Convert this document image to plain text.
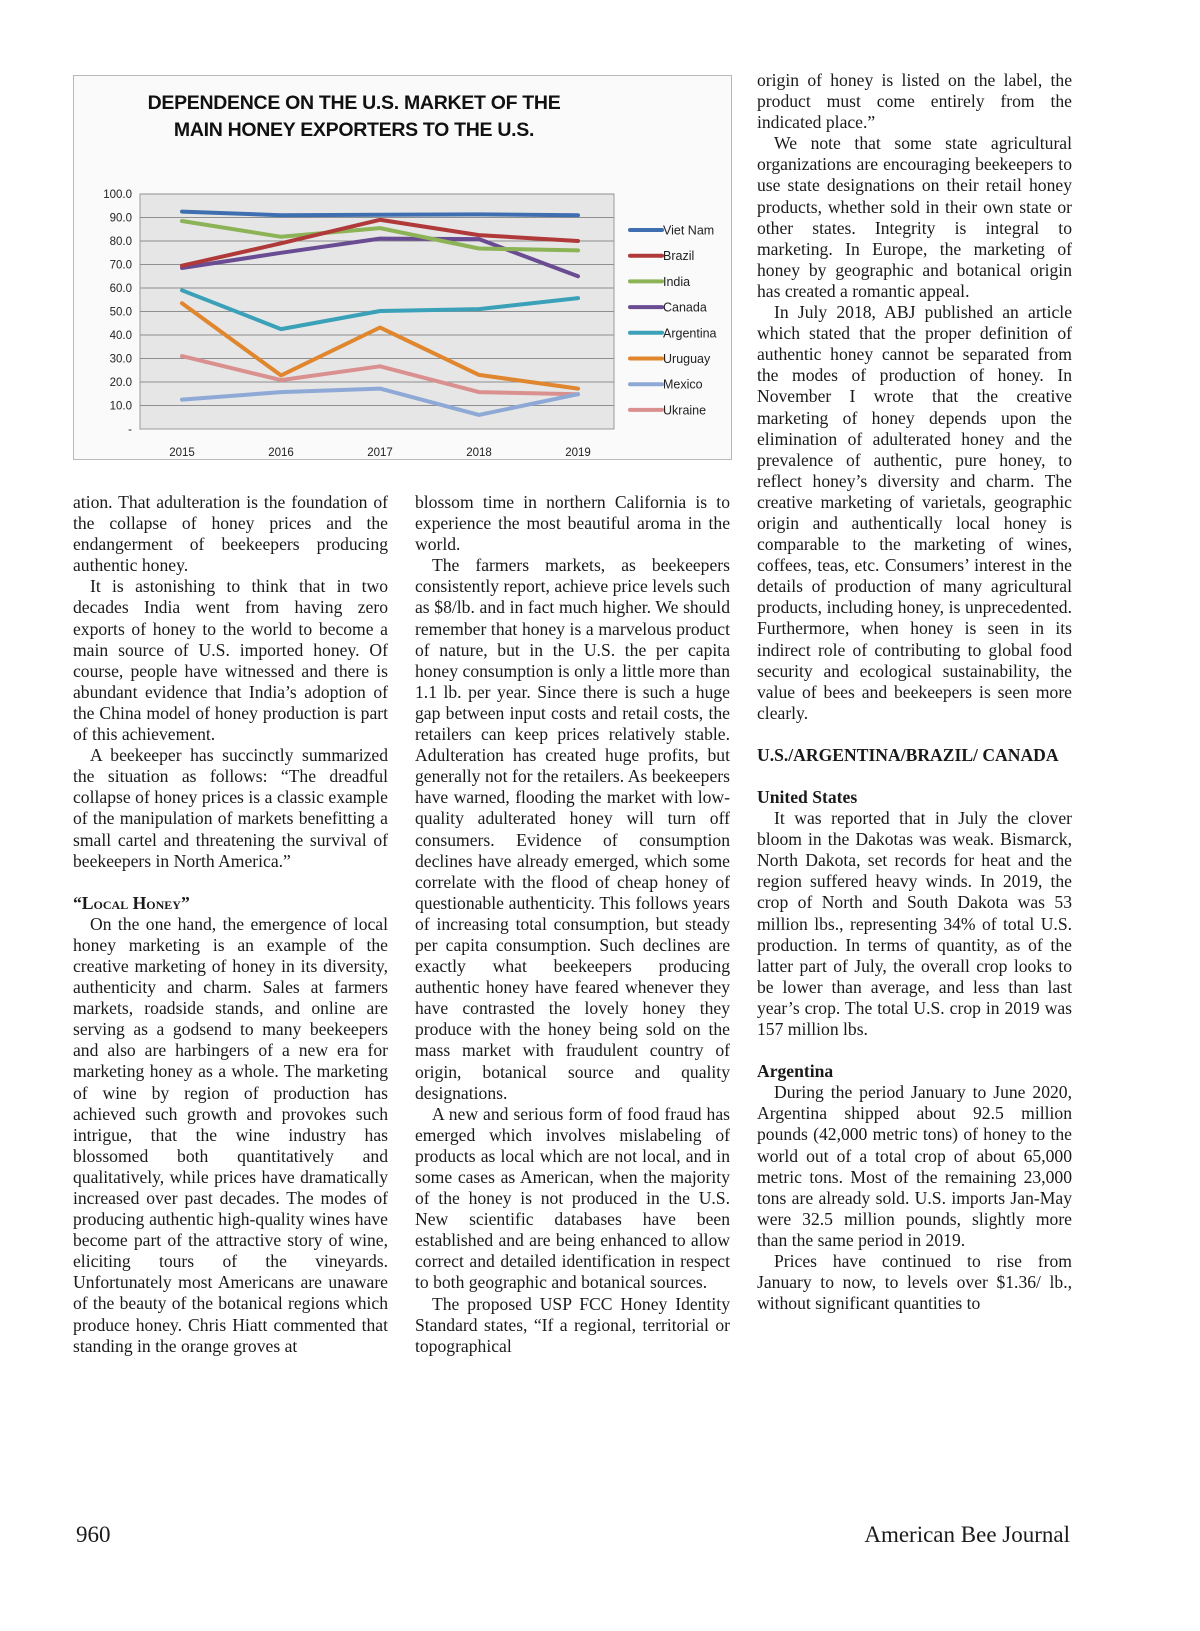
DEPENDENCE ON THE U.S. MARKET OF THE
MAIN HONEY EXPORTERS TO THE U.S.
-
10.0
20.0
30.0
40.0
50.0
60.0
70.0
80.0
90.0
100.0
2015	2016	2017	2018	2019
Viet Nam
Brazil
India
Canada
Argentina
Uruguay
Mexico
Ukraine

ation. That adulteration is the foundation of the collapse of honey prices and the endangerment of beekeepers producing authentic honey.

It is astonishing to think that in two decades India went from having zero exports of honey to the world to become a main source of U.S. imported honey. Of course, people have witnessed and there is abundant evidence that India’s adoption of the China model of honey production is part of this achievement.

A beekeeper has succinctly summarized the situation as follows: “The dreadful collapse of honey prices is a classic example of the manipulation of markets benefitting a small cartel and threatening the survival of beekeepers in North America.”

“Local Honey”

On the one hand, the emergence of local honey marketing is an example of the creative marketing of honey in its diversity, authenticity and charm. Sales at farmers markets, roadside stands, and online are serving as a godsend to many beekeepers and also are harbingers of a new era for marketing honey as a whole. The marketing of wine by region of production has achieved such growth and provokes such intrigue, that the wine industry has blossomed both quantitatively and qualitatively, while prices have dramatically increased over past decades. The modes of producing authentic high-quality wines have become part of the attractive story of wine, eliciting tours of the vineyards. Unfortunately most Americans are unaware of the beauty of the botanical regions which produce honey. Chris Hiatt commented that standing in the orange groves at

blossom time in northern California is to experience the most beautiful aroma in the world.

The farmers markets, as beekeepers consistently report, achieve price levels such as $8/lb. and in fact much higher. We should remember that honey is a marvelous product of nature, but in the U.S. the per capita honey consumption is only a little more than 1.1 lb. per year. Since there is such a huge gap between input costs and retail costs, the retailers can keep prices relatively stable. Adulteration has created huge profits, but generally not for the retailers. As beekeepers have warned, flooding the market with low-quality adulterated honey will turn off consumers. Evidence of consumption declines have already emerged, which some correlate with the flood of cheap honey of questionable authenticity. This follows years of increasing total consumption, but steady per capita consumption. Such declines are exactly what beekeepers producing authentic honey have feared whenever they have contrasted the lovely honey they produce with the honey being sold on the mass market with fraudulent country of origin, botanical source and quality designations.

A new and serious form of food fraud has emerged which involves mislabeling of products as local which are not local, and in some cases as American, when the majority of the honey is not produced in the U.S. New scientific databases have been established and are being enhanced to allow correct and detailed identification in respect to both geographic and botanical sources.

The proposed USP FCC Honey Identity Standard states, “If a regional, territorial or topographical

origin of honey is listed on the label, the product must come entirely from the indicated place.”

We note that some state agricultural organizations are encouraging beekeepers to use state designations on their retail honey products, whether sold in their own state or other states. Integrity is integral to marketing. In Europe, the marketing of honey by geographic and botanical origin has created a romantic appeal.

In July 2018, ABJ published an article which stated that the proper definition of authentic honey cannot be separated from the modes of production of honey. In November I wrote that the creative marketing of honey depends upon the elimination of adulterated honey and the prevalence of authentic, pure honey, to reflect honey’s diversity and charm. The creative marketing of varietals, geographic origin and authentically local honey is comparable to the marketing of wines, coffees, teas, etc. Consumers’ interest in the details of production of many agricultural products, including honey, is unprecedented. Furthermore, when honey is seen in its indirect role of contributing to global food security and ecological sustainability, the value of bees and beekeepers is seen more clearly.

U.S./ARGENTINA/BRAZIL/ CANADA
United States

It was reported that in July the clover bloom in the Dakotas was weak. Bismarck, North Dakota, set records for heat and the region suffered heavy winds. In 2019, the crop of North and South Dakota was 53 million lbs., representing 34% of total U.S. production. In terms of quantity, as of the latter part of July, the overall crop looks to be lower than average, and less than last year’s crop. The total U.S. crop in 2019 was 157 million lbs.

Argentina

During the period January to June 2020, Argentina shipped about 92.5 million pounds (42,000 metric tons) of honey to the world out of a total crop of about 65,000 metric tons. Most of the remaining 23,000 tons are already sold. U.S. imports Jan-May were 32.5 million pounds, slightly more than the same period in 2019.

Prices have continued to rise from January to now, to levels over $1.36/ lb., without significant quantities to

960	American Bee Journal
